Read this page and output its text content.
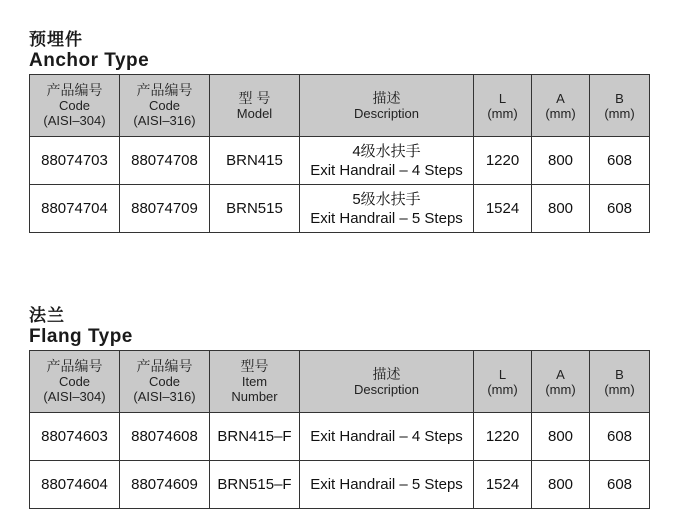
预埋件
Anchor Type
产品编号
Code
(AISI–304)	产品编号
Code
(AISI–316)	型 号
Model	描述
Description	L
(mm)	A
(mm)	B
(mm)

88074703	88074708	BRN415	4级水扶手
Exit Handrail – 4 Steps	1220	800	608
88074704	88074709	BRN515	5级水扶手
Exit Handrail – 5 Steps	1524	800	608
法兰
Flang Type
产品编号
Code
(AISI–304)	产品编号
Code
(AISI–316)	型号
Item
Number	描述
Description	L
(mm)	A
(mm)	B
(mm)

88074603	88074608	BRN415–F	Exit Handrail – 4 Steps	1220	800	608
88074604	88074609	BRN515–F	Exit Handrail – 5 Steps	1524	800	608
